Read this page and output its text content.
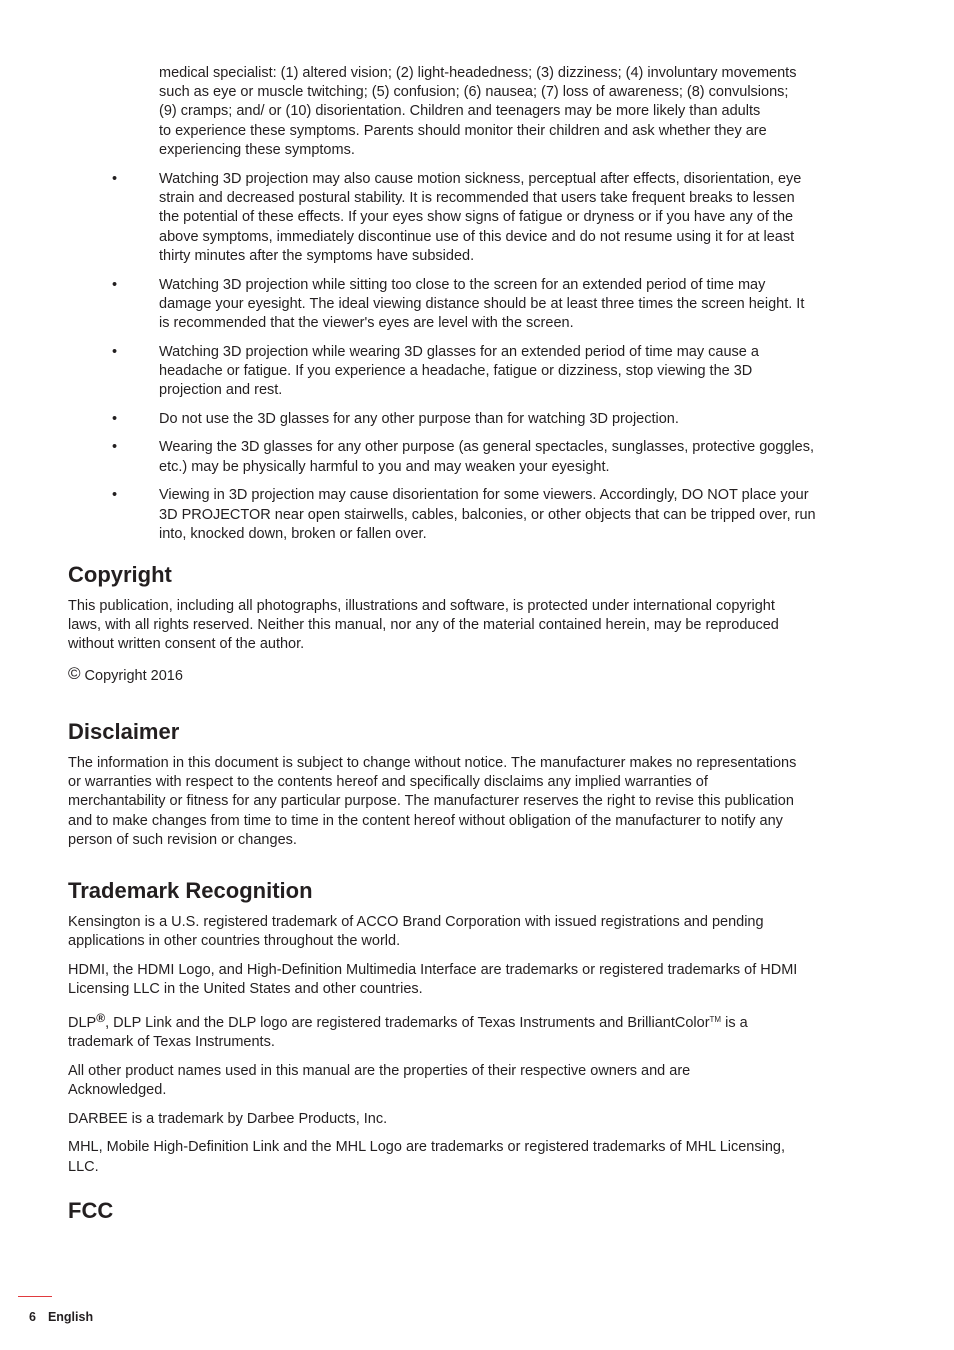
medical specialist: (1) altered vision; (2) light-headedness; (3) dizziness; (4) involuntary movements
such as eye or muscle twitching; (5) confusion; (6) nausea; (7) loss of awareness; (8) convulsions;
(9) cramps; and/ or (10) disorientation. Children and teenagers may be more likely than adults
to experience these symptoms. Parents should monitor their children and ask whether they are
experiencing these symptoms.
•	Watching 3D projection may also cause motion sickness, perceptual after effects, disorientation, eye
strain and decreased postural stability. It is recommended that users take frequent breaks to lessen
the potential of these effects. If your eyes show signs of fatigue or dryness or if you have any of the
above symptoms, immediately discontinue use of this device and do not resume using it for at least
thirty minutes after the symptoms have subsided.
•	Watching 3D projection while sitting too close to the screen for an extended period of time may
damage your eyesight. The ideal viewing distance should be at least three times the screen height. It
is recommended that the viewer's eyes are level with the screen.
•	Watching 3D projection while wearing 3D glasses for an extended period of time may cause a
headache or fatigue. If you experience a headache, fatigue or dizziness, stop viewing the 3D
projection and rest.
•	Do not use the 3D glasses for any other purpose than for watching 3D projection.
•	Wearing the 3D glasses for any other purpose (as general spectacles, sunglasses, protective goggles,
etc.) may be physically harmful to you and may weaken your eyesight.
•	Viewing in 3D projection may cause disorientation for some viewers. Accordingly, DO NOT place your
3D PROJECTOR near open stairwells, cables, balconies, or other objects that can be tripped over, run
into, knocked down, broken or fallen over.
Copyright
This publication, including all photographs, illustrations and software, is protected under international copyright
laws, with all rights reserved. Neither this manual, nor any of the material contained herein, may be reproduced
without written consent of the author.
© Copyright 2016
Disclaimer
The information in this document is subject to change without notice. The manufacturer makes no representations
or warranties with respect to the contents hereof and specifically disclaims any implied warranties of
merchantability or fitness for any particular purpose. The manufacturer reserves the right to revise this publication
and to make changes from time to time in the content hereof without obligation of the manufacturer to notify any
person of such revision or changes.
Trademark Recognition
Kensington is a U.S. registered trademark of ACCO Brand Corporation with issued registrations and pending
applications in other countries throughout the world.
HDMI, the HDMI Logo, and High-Definition Multimedia Interface are trademarks or registered trademarks of HDMI
Licensing LLC in the United States and other countries.
DLP®, DLP Link and the DLP logo are registered trademarks of Texas Instruments and BrilliantColor™ is a
trademark of Texas Instruments.
All other product names used in this manual are the properties of their respective owners and are
Acknowledged.
DARBEE is a trademark by Darbee Products, Inc.
MHL, Mobile High-Definition Link and the MHL Logo are trademarks or registered trademarks of MHL Licensing,
LLC.
FCC
6 English
